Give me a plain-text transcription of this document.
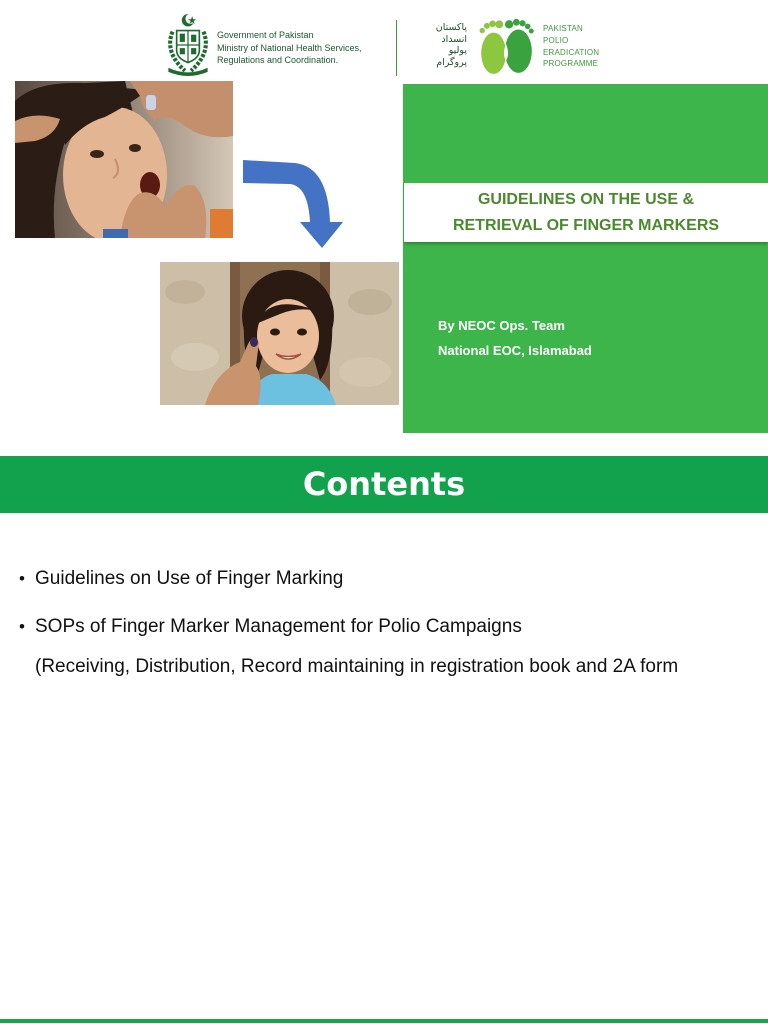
Government of Pakistan
Ministry of National Health Services,
Regulations and Coordination.
پاکستان
انسداد
پولیو
پروگرام
PAKISTAN
POLIO
ERADICATION
PROGRAMME
GUIDELINES ON THE USE &
RETRIEVAL OF FINGER MARKERS
By NEOC Ops. Team
National EOC, Islamabad
Contents
• Guidelines on Use of Finger Marking
• SOPs of Finger Marker Management for Polio Campaigns
(Receiving, Distribution, Record maintaining in registration book and 2A form
